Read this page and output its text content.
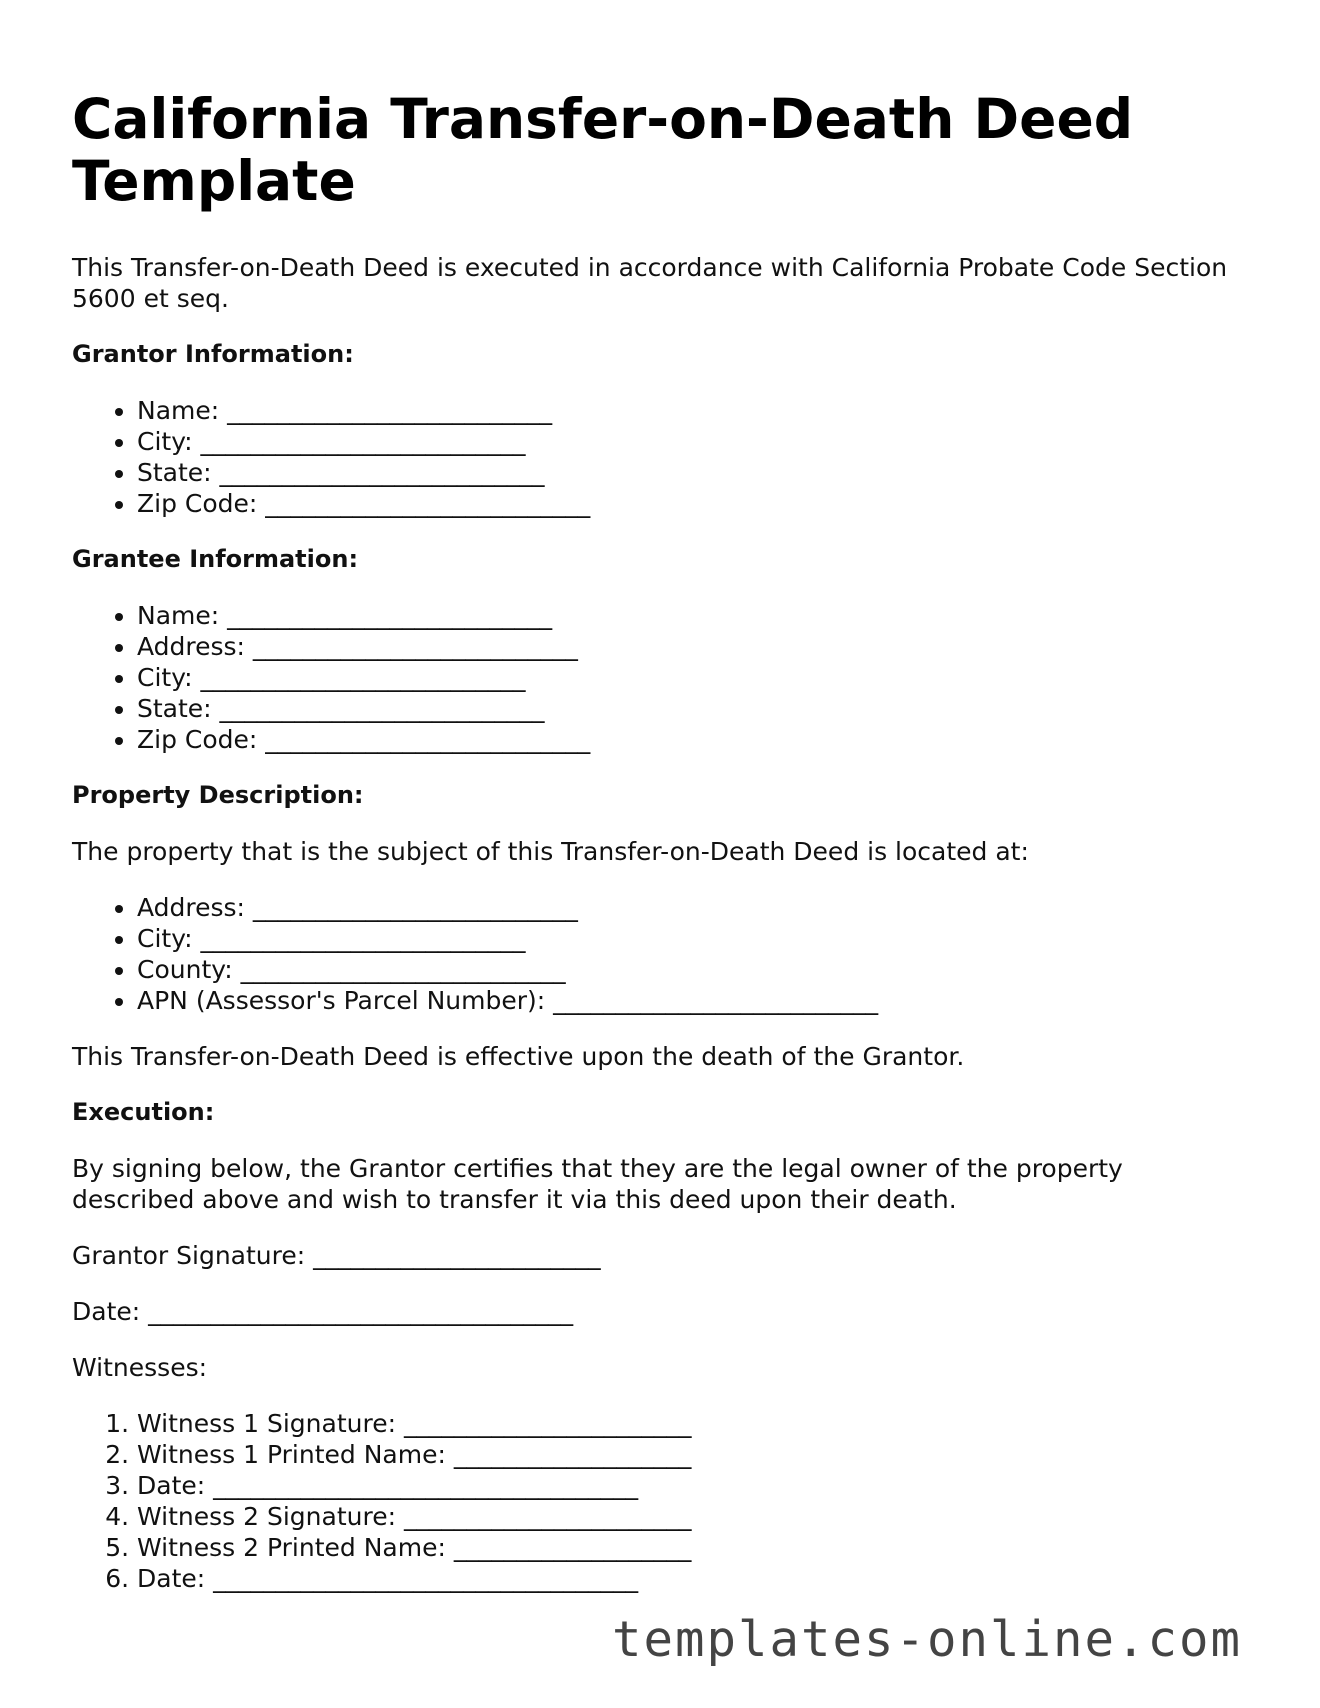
California Transfer-on-Death Deed Template

This Transfer-on-Death Deed is executed in accordance with California Probate Code Section 5600 et seq.

Grantor Information:
• Name: __________________________
• City: __________________________
• State: __________________________
• Zip Code: __________________________
Grantee Information:
• Name: __________________________
• Address: __________________________
• City: __________________________
• State: __________________________
• Zip Code: __________________________
Property Description:

The property that is the subject of this Transfer-on-Death Deed is located at:

• Address: __________________________
• City: __________________________
• County: __________________________
• APN (Assessor's Parcel Number): __________________________

This Transfer-on-Death Deed is effective upon the death of the Grantor.

Execution:

By signing below, the Grantor certifies that they are the legal owner of the property described above and wish to transfer it via this deed upon their death.

Grantor Signature: _______________________

Date: __________________________________

Witnesses:

1. Witness 1 Signature: _______________________
2. Witness 1 Printed Name: ___________________
3. Date: __________________________________
4. Witness 2 Signature: _______________________
5. Witness 2 Printed Name: ___________________
6. Date: __________________________________
templates-online.com
